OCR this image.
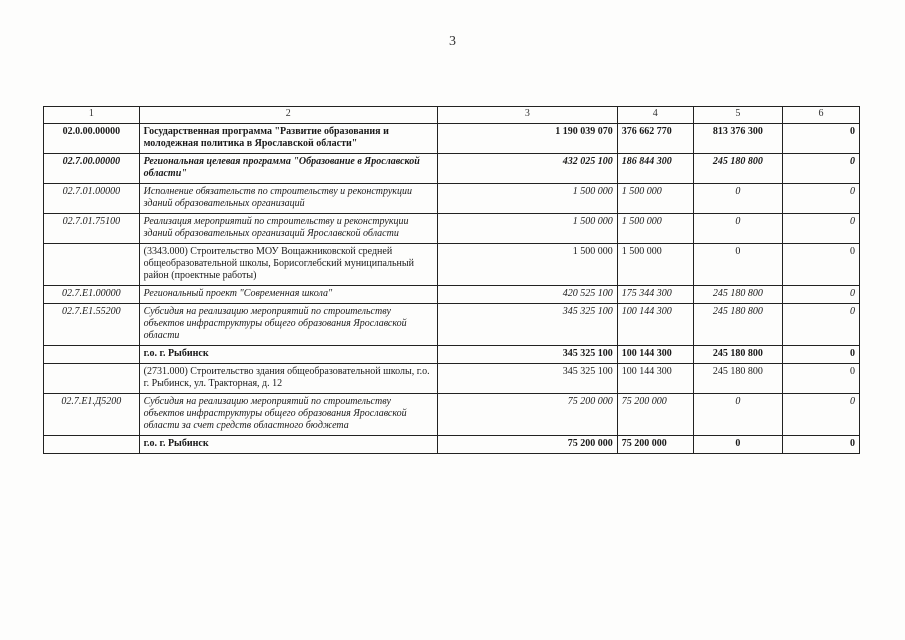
3
1	2	3	4	5	6
02.0.00.00000	Государственная программа "Развитие образования и молодежная политика в Ярославской области"	1 190 039 070	376 662 770	813 376 300	0
02.7.00.00000	Региональная целевая программа "Образование в Ярославской области"	432 025 100	186 844 300	245 180 800	0
02.7.01.00000	Исполнение обязательств по строительству и реконструкции зданий образовательных организаций	1 500 000	1 500 000	0	0
02.7.01.75100	Реализация мероприятий по строительству и реконструкции зданий образовательных организаций Ярославской области	1 500 000	1 500 000	0	0
	(3343.000) Строительство МОУ Вощажниковской средней общеобразовательной школы, Борисоглебский муниципальный район (проектные работы)	1 500 000	1 500 000	0	0
02.7.E1.00000	Региональный проект "Современная школа"	420 525 100	175 344 300	245 180 800	0
02.7.E1.55200	Субсидия на реализацию мероприятий по строительству объектов инфраструктуры общего образования Ярославской области	345 325 100	100 144 300	245 180 800	0
	г.о. г. Рыбинск	345 325 100	100 144 300	245 180 800	0
	(2731.000) Строительство здания общеобразовательной школы, г.о. г. Рыбинск, ул. Тракторная, д. 12	345 325 100	100 144 300	245 180 800	0
02.7.E1.Д5200	Субсидия на реализацию мероприятий по строительству объектов инфраструктуры общего образования Ярославской области за счет средств областного бюджета	75 200 000	75 200 000	0	0
	г.о. г. Рыбинск	75 200 000	75 200 000	0	0
